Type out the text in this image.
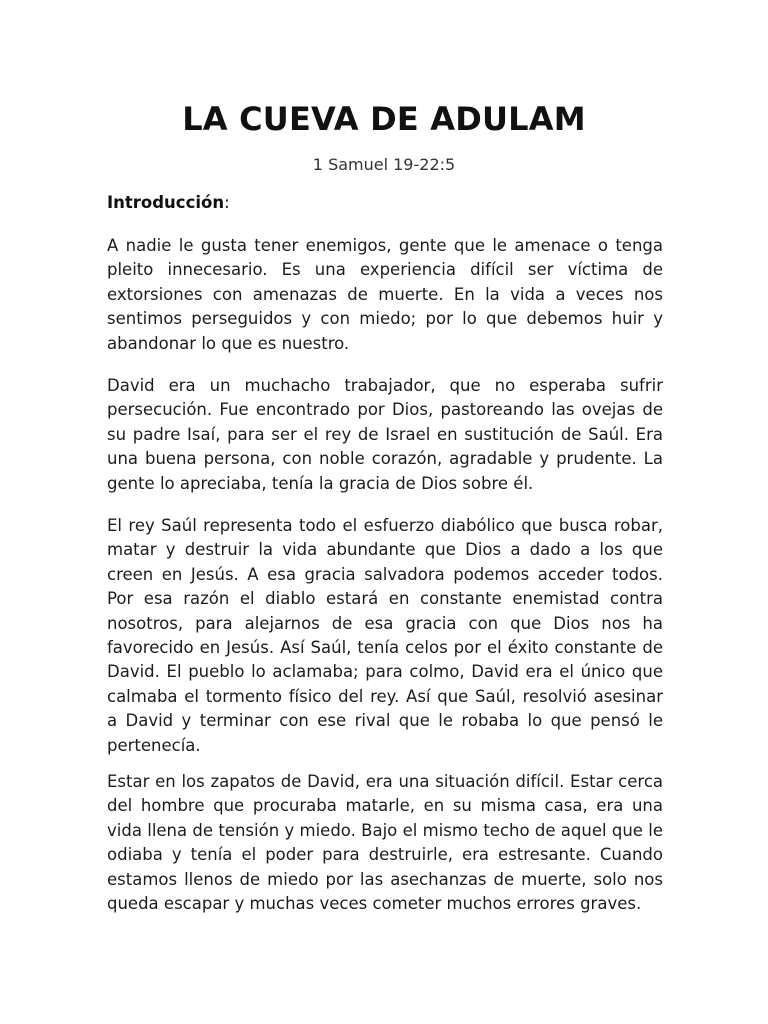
LA CUEVA DE ADULAM
1 Samuel 19-22:5
Introducción:

A nadie le gusta tener enemigos, gente que le amenace o tenga pleito innecesario. Es una experiencia difícil ser víctima de extorsiones con amenazas de muerte. En la vida a veces nos sentimos perseguidos y con miedo; por lo que debemos huir y abandonar lo que es nuestro.

David era un muchacho trabajador, que no esperaba sufrir persecución. Fue encontrado por Dios, pastoreando las ovejas de su padre Isaí, para ser el rey de Israel en sustitución de Saúl. Era una buena persona, con noble corazón, agradable y prudente. La gente lo apreciaba, tenía la gracia de Dios sobre él.

El rey Saúl representa todo el esfuerzo diabólico que busca robar, matar y destruir la vida abundante que Dios a dado a los que creen en Jesús. A esa gracia salvadora podemos acceder todos. Por esa razón el diablo estará en constante enemistad contra nosotros, para alejarnos de esa gracia con que Dios nos ha favorecido en Jesús. Así Saúl, tenía celos por el éxito constante de David. El pueblo lo aclamaba; para colmo, David era el único que calmaba el tormento físico del rey. Así que Saúl, resolvió asesinar a David y terminar con ese rival que le robaba lo que pensó le pertenecía.

Estar en los zapatos de David, era una situación difícil. Estar cerca del hombre que procuraba matarle, en su misma casa, era una vida llena de tensión y miedo. Bajo el mismo techo de aquel que le odiaba y tenía el poder para destruirle, era estresante. Cuando estamos llenos de miedo por las asechanzas de muerte, solo nos queda escapar y muchas veces cometer muchos errores graves.
